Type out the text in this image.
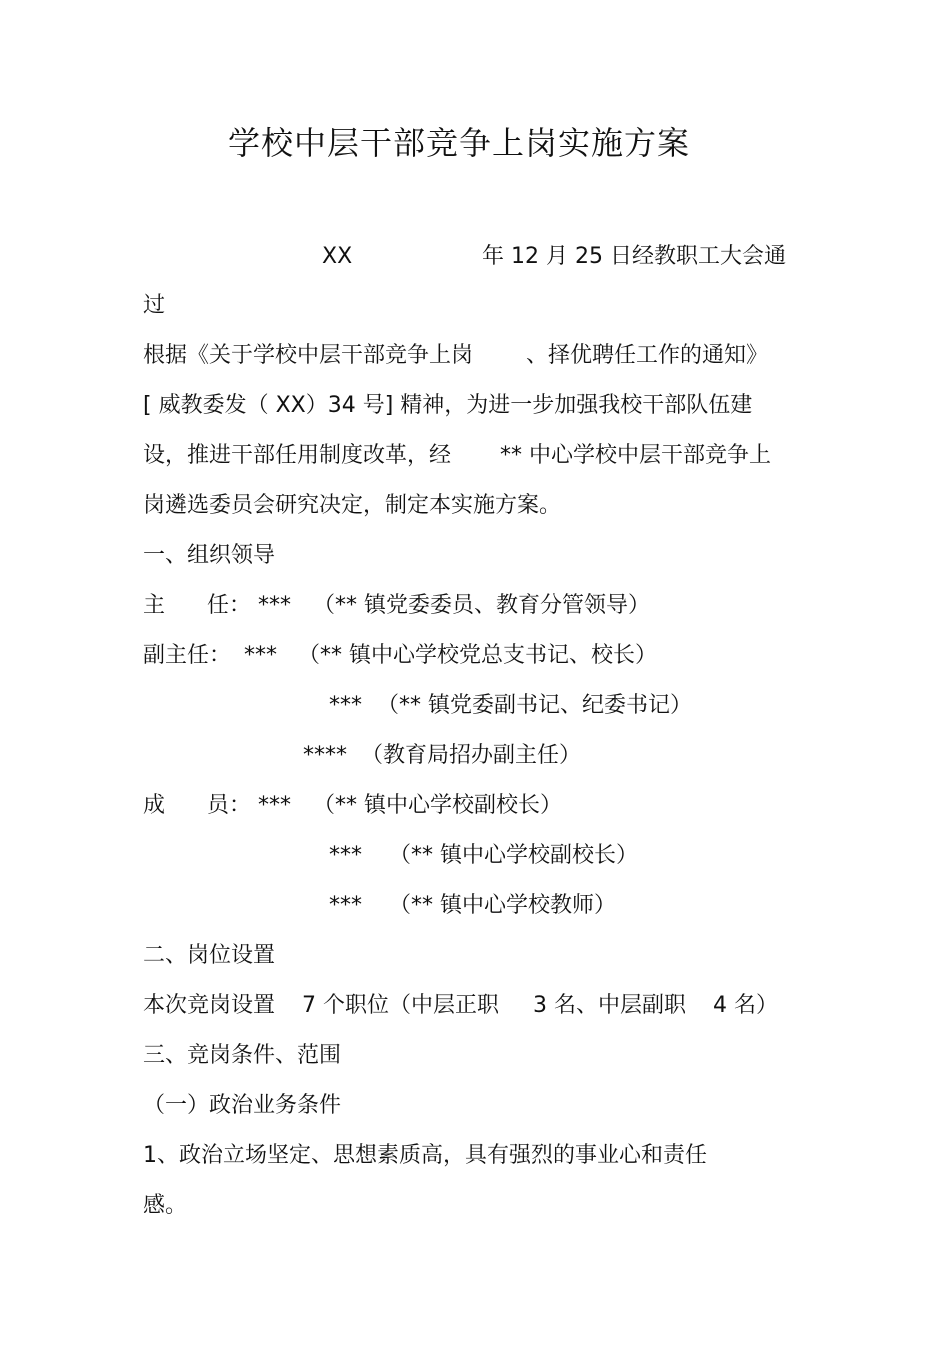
学校中层干部竞争上岗实施方案
XX	年 12 月 25 日经教职工大会通
过
根据《关于学校中层干部竞争上岗 、择优聘任工作的通知》
[ 威教委发（ XX）34 号] 精神，为进一步加强我校干部队伍建
设，推进干部任用制度改革，经 ** 中心学校中层干部竞争上
岗遴选委员会研究决定，制定本实施方案。
一、组织领导
主 任： *** （** 镇党委委员、教育分管领导）
副主任： *** （** 镇中心学校党总支书记、校长）
*** （** 镇党委副书记、纪委书记）
**** （教育局招办副主任）
成 员： *** （** 镇中心学校副校长）
*** （** 镇中心学校副校长）
*** （** 镇中心学校教师）
二、岗位设置
本次竞岗设置 7 个职位（中层正职 3 名、中层副职 4 名）
三、竞岗条件、范围
（一）政治业务条件
1、政治立场坚定、思想素质高，具有强烈的事业心和责任
感。
